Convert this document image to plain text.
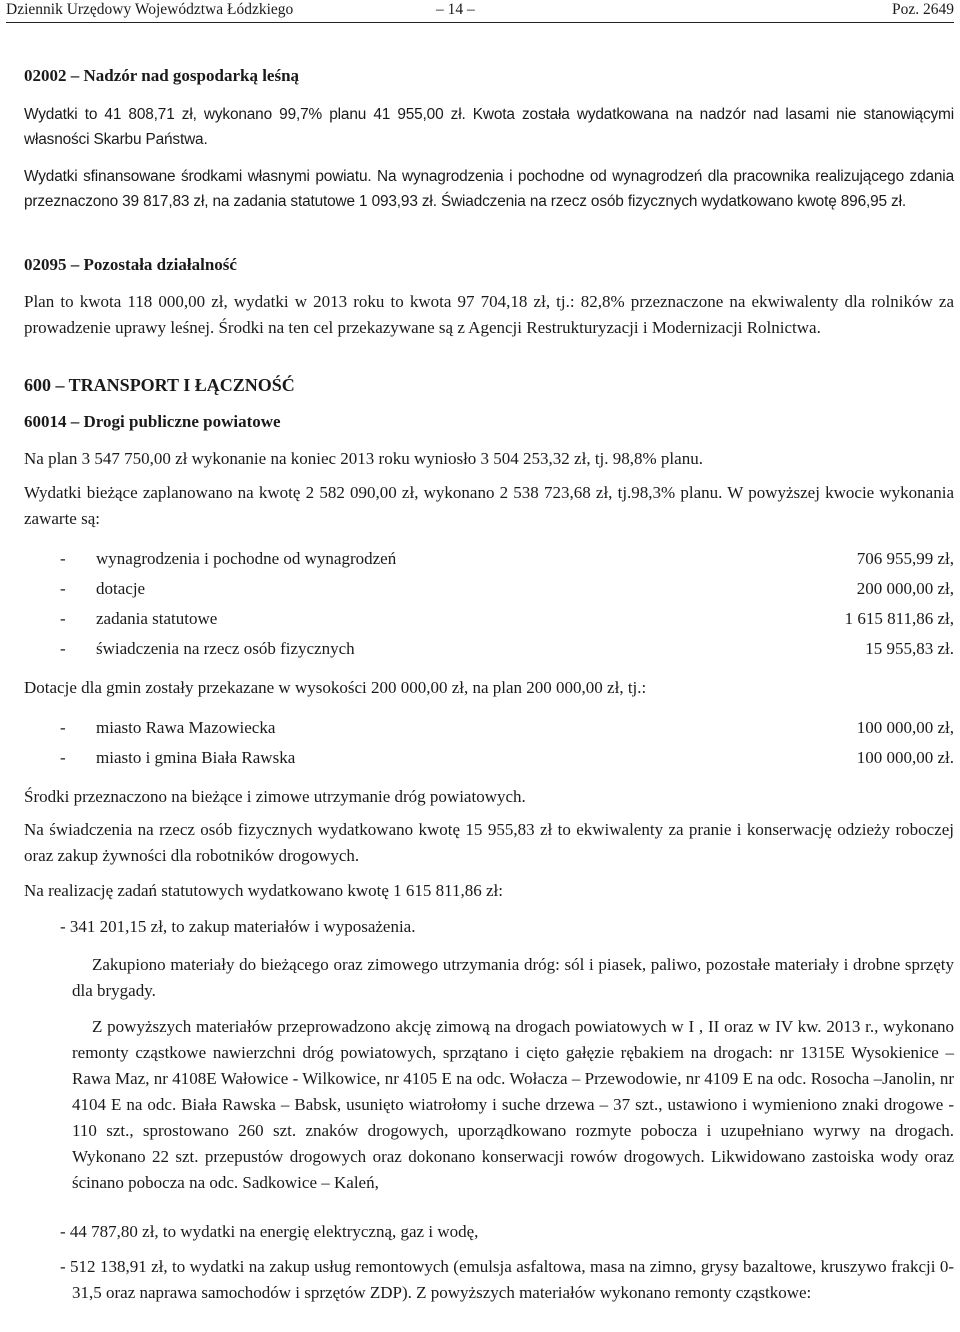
Dziennik Urzędowy Województwa Łódzkiego	– 14 –	Poz. 2649

02002 – Nadzór nad gospodarką leśną

Wydatki to 41 808,71 zł, wykonano 99,7% planu 41 955,00 zł. Kwota została wydatkowana na nadzór nad lasami nie stanowiącymi własności Skarbu Państwa.

Wydatki sfinansowane środkami własnymi powiatu. Na wynagrodzenia i pochodne od wynagrodzeń dla pracownika realizującego zdania przeznaczono 39 817,83 zł, na zadania statutowe 1 093,93 zł. Świadczenia na rzecz osób fizycznych wydatkowano kwotę 896,95 zł.

02095 – Pozostała działalność

Plan to kwota 118 000,00 zł, wydatki w 2013 roku to kwota 97 704,18 zł, tj.: 82,8% przeznaczone na ekwiwalenty dla rolników za prowadzenie uprawy leśnej. Środki na ten cel przekazywane są z Agencji Restrukturyzacji i Modernizacji Rolnictwa.

600 – TRANSPORT I ŁĄCZNOŚĆ

60014 – Drogi publiczne powiatowe

Na plan 3 547 750,00 zł wykonanie na koniec 2013 roku wyniosło 3 504 253,32 zł, tj. 98,8% planu.

Wydatki bieżące zaplanowano na kwotę 2 582 090,00 zł, wykonano 2 538 723,68 zł, tj.98,3% planu. W powyższej kwocie wykonania zawarte są:

- wynagrodzenia i pochodne od wynagrodzeń	706 955,99 zł,
- dotacje	200 000,00 zł,
- zadania statutowe	1 615 811,86 zł,
- świadczenia na rzecz osób fizycznych	15 955,83 zł.

Dotacje dla gmin zostały przekazane w wysokości 200 000,00 zł, na plan 200 000,00 zł, tj.:

- miasto Rawa Mazowiecka	100 000,00 zł,
- miasto i gmina Biała Rawska	100 000,00 zł.

Środki przeznaczono na bieżące i zimowe utrzymanie dróg powiatowych.

Na świadczenia na rzecz osób fizycznych wydatkowano kwotę 15 955,83 zł to ekwiwalenty za pranie i konserwację odzieży roboczej oraz zakup żywności dla robotników drogowych.

Na realizację zadań statutowych wydatkowano kwotę 1 615 811,86 zł:

- 341 201,15 zł, to zakup materiałów i wyposażenia.

Zakupiono materiały do bieżącego oraz zimowego utrzymania dróg: sól i piasek, paliwo, pozostałe materiały i drobne sprzęty dla brygady.

Z powyższych materiałów przeprowadzono akcję zimową na drogach powiatowych w I , II oraz w IV kw. 2013 r., wykonano remonty cząstkowe nawierzchni dróg powiatowych, sprzątano i cięto gałęzie rębakiem na drogach: nr 1315E Wysokienice – Rawa Maz, nr 4108E Wałowice - Wilkowice, nr 4105 E na odc. Wołacza – Przewodowie, nr 4109 E na odc. Rosocha –Janolin, nr 4104 E na odc. Biała Rawska – Babsk, usunięto wiatrołomy i suche drzewa – 37 szt., ustawiono i wymieniono znaki drogowe - 110 szt., sprostowano 260 szt. znaków drogowych, uporządkowano rozmyte pobocza i uzupełniano wyrwy na drogach. Wykonano 22 szt. przepustów drogowych oraz dokonano konserwacji rowów drogowych. Likwidowano zastoiska wody oraz ścinano pobocza na odc. Sadkowice – Kaleń,

- 44 787,80 zł, to wydatki na energię elektryczną, gaz i wodę,

- 512 138,91 zł, to wydatki na zakup usług remontowych (emulsja asfaltowa, masa na zimno, grysy bazaltowe, kruszywo frakcji 0-31,5 oraz naprawa samochodów i sprzętów ZDP). Z powyższych materiałów wykonano remonty cząstkowe:
